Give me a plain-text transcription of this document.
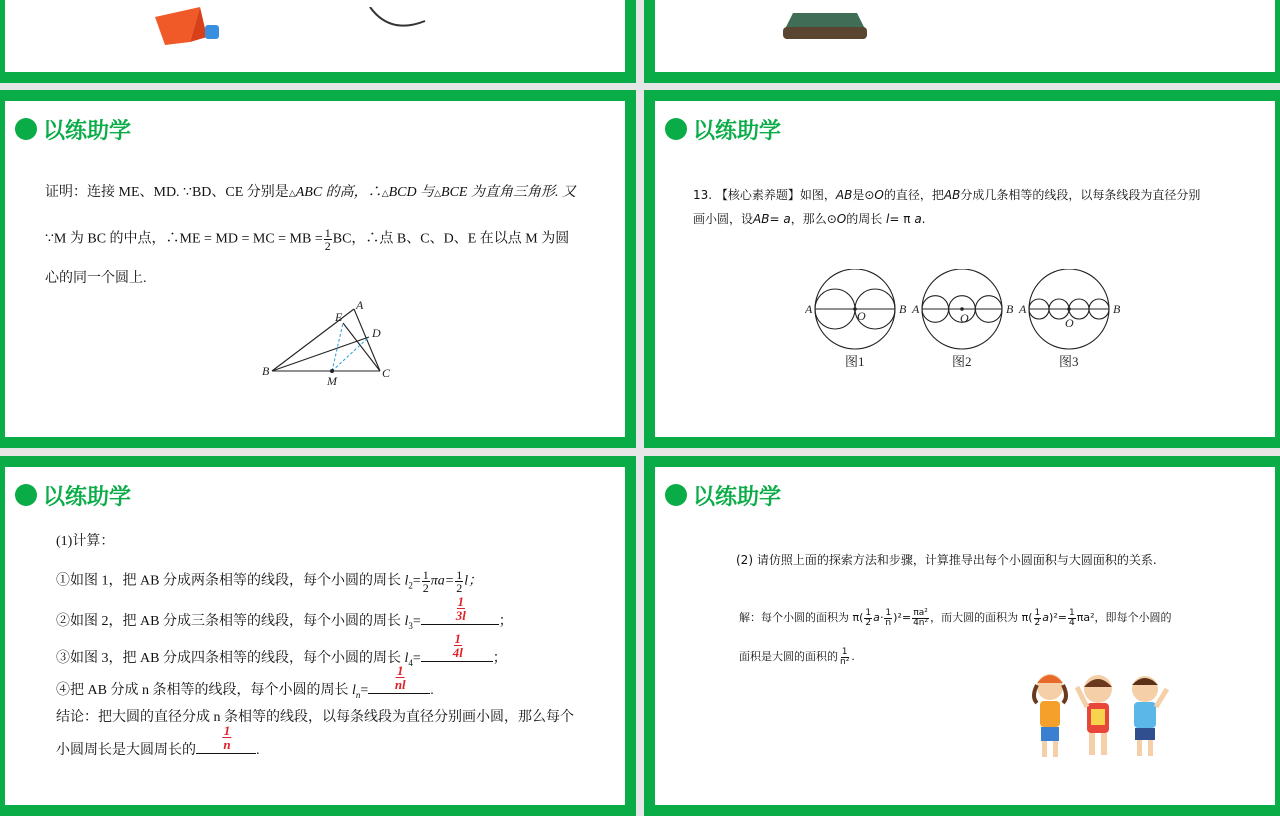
以练助学
证明：连接 ME、MD. ∵BD、CE 分别是△ABC 的高，∴△BCD 与△BCE 为直角三角形. 又
∵M 为 BC 的中点，∴ME = MD = MC = MB = $\frac{1}{2}$ BC，∴点 B、C、D、E 在以点 M 为圆
心的同一个圆上.
A
E
D
B
M
C
以练助学
13. 【核心素养题】如图，AB是⊙O的直径，把AB分成几条相等的线段，以每条线段为直径分别
画小圆，设AB= a，那么⊙O的周长 l= π a.
A	B
O
图1
A	B
O
图2
A	B
O
图3
以练助学
(1)计算：
①如图 1，把 AB 分成两条相等的线段，每个小圆的周长 $l_2= \frac{1}{2} \pi a= \frac{1}{2}$ l；
②如图 2，把 AB 分成三条相等的线段，每个小圆的周长 $l_3=$	$\frac{1}{3l}$ ；
③如图 3，把 AB 分成四条相等的线段，每个小圆的周长 $l_4= \frac{1}{4l}$ ；
④把 AB 分成 n 条相等的线段，每个小圆的周长 $l_n= \frac{1}{nl}$ .
结论：把大圆的直径分成 n 条相等的线段，以每条线段为直径分别画小圆，那么每个
小圆周长是大圆周长的 $\frac{1}{n}$ .
以练助学
(2) 请仿照上面的探索方法和步骤，计算推导出每个小圆面积与大圆面积的关系.
解：每个小圆的面积为 $\pi( \frac{1}{2} a\cdot \frac{1}{n} )^2= \frac{\text{πa²}}{\text{4n²}}$ ，而大圆的面积为 $\pi( \frac{1}{2} a)^2= \frac{1}{4} \pi a^2$，即每个小圆的
面积是大圆的面积的 $\frac{1}{\text{n²}}$ .
